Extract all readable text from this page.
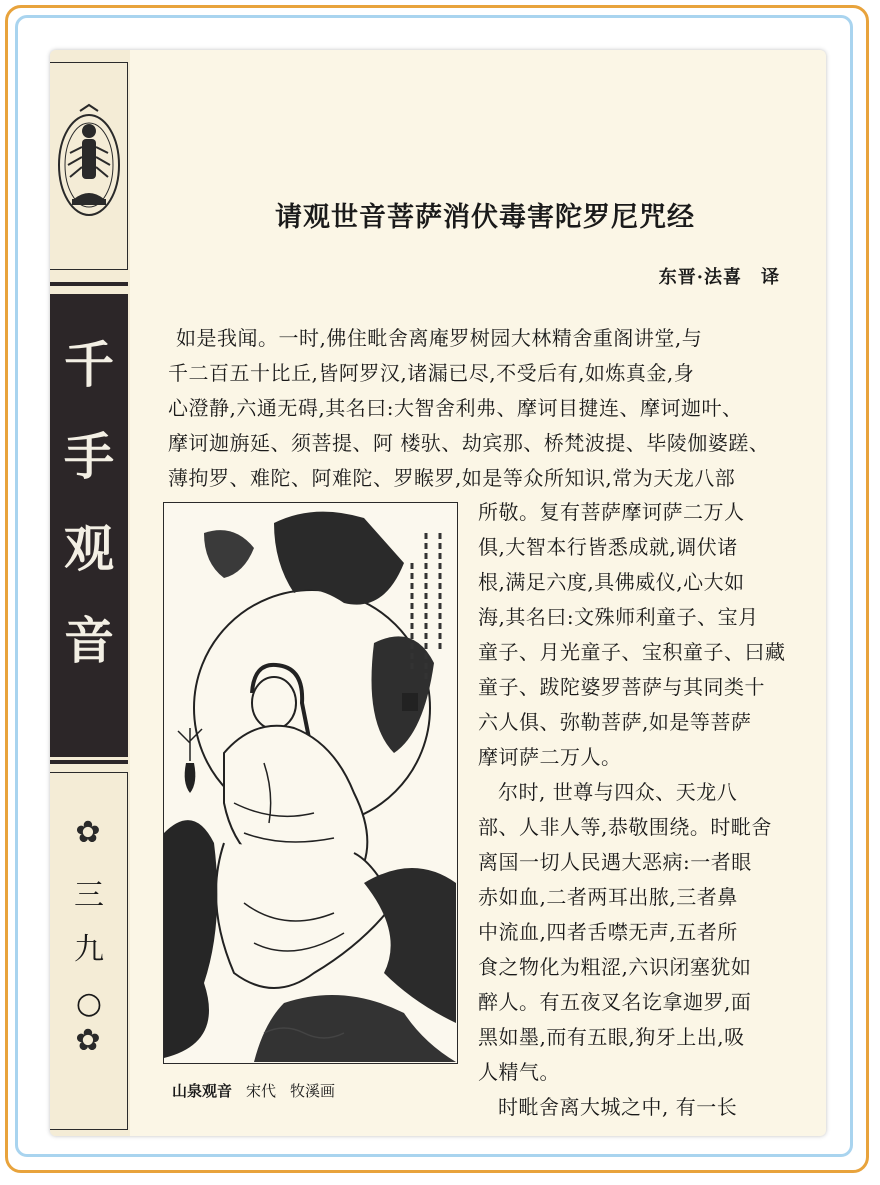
千
手
观
音
✿
三
九
○
✿
请观世音菩萨消伏毒害陀罗尼咒经
东晋·法喜　译
如是我闻。一时,佛住毗舍离庵罗树园大林精舍重阁讲堂,与
千二百五十比丘,皆阿罗汉,诸漏已尽,不受后有,如炼真金,身
心澄静,六通无碍,其名曰:大智舍利弗、摩诃目揵连、摩诃迦叶、
摩诃迦旃延、须菩提、阿 楼驮、劫宾那、桥梵波提、毕陵伽婆蹉、
薄拘罗、难陀、阿难陀、罗睺罗,如是等众所知识,常为天龙八部
所敬。复有菩萨摩诃萨二万人
俱,大智本行皆悉成就,调伏诸
根,满足六度,具佛威仪,心大如
海,其名曰:文殊师利童子、宝月
童子、月光童子、宝积童子、曰藏
童子、跋陀婆罗菩萨与其同类十
六人俱、弥勒菩萨,如是等菩萨
摩诃萨二万人。
尔时, 世尊与四众、天龙八
部、人非人等,恭敬围绕。时毗舍
离国一切人民遇大恶病:一者眼
赤如血,二者两耳出脓,三者鼻
中流血,四者舌噤无声,五者所
食之物化为粗涩,六识闭塞犹如
醉人。有五夜叉名讫拿迦罗,面
黑如墨,而有五眼,狗牙上出,吸
人精气。
时毗舍离大城之中, 有一长
山泉观音 宋代 牧溪画
